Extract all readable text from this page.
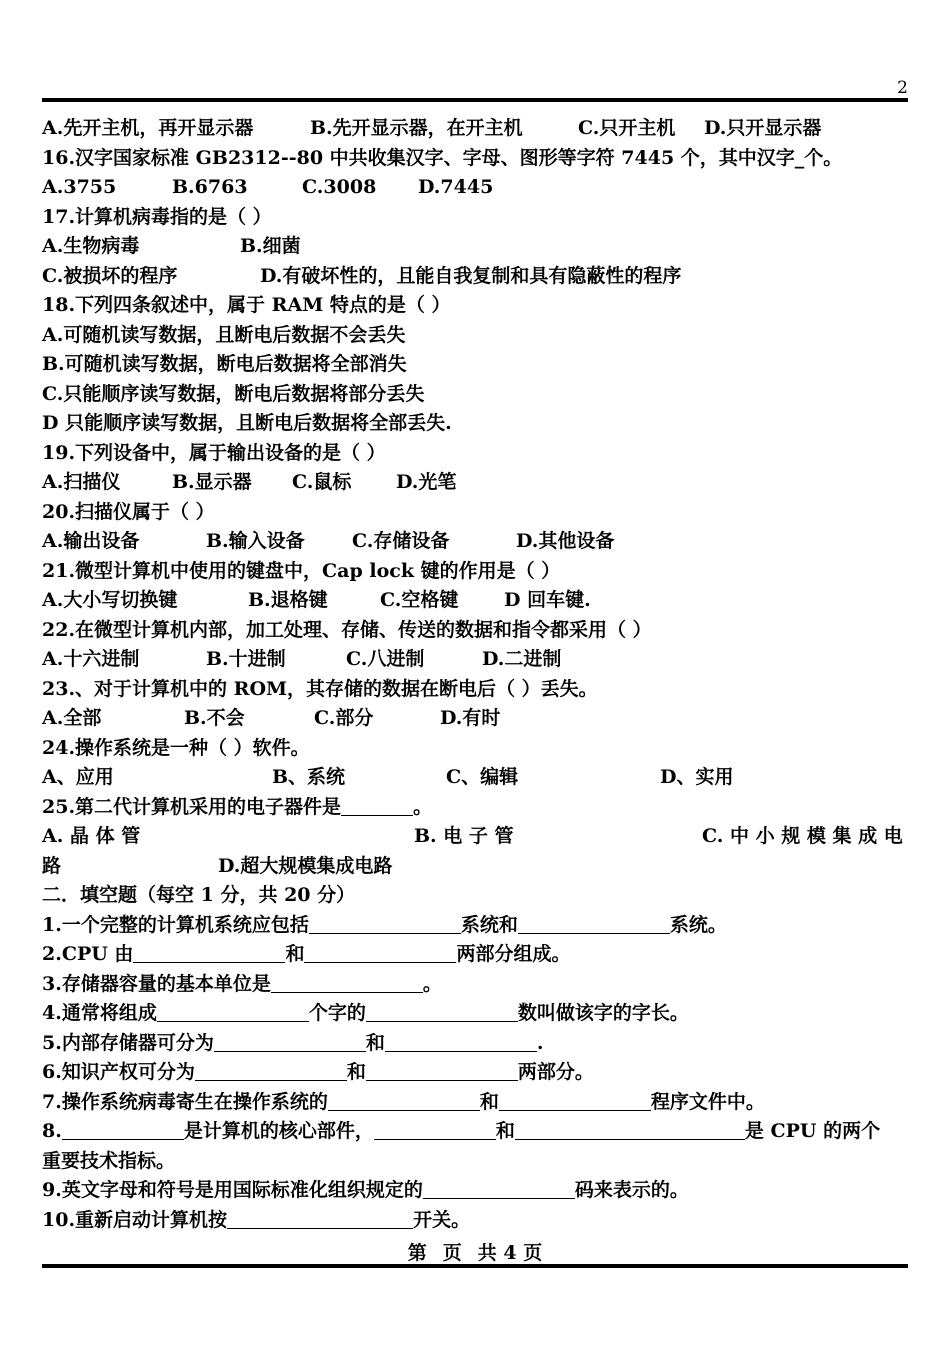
2
A.先开主机，再开显示器	B.先开显示器，在开主机	C.只开主机 D.只开显示器
16.汉字国家标准 GB2312--80 中共收集汉字、字母、图形等字符 7445 个，其中汉字_个。
A.3755	B.6763	C.3008 D.7445
17.计算机病毒指的是（ ）
A.生物病毒	B.细菌
C.被损坏的程序	D.有破坏性的，且能自我复制和具有隐蔽性的程序
18.下列四条叙述中，属于 RAM 特点的是（ ）
A.可随机读写数据，且断电后数据不会丢失
B.可随机读写数据，断电后数据将全部消失
C.只能顺序读写数据，断电后数据将部分丢失
D 只能顺序读写数据，且断电后数据将全部丢失.
19.下列设备中，属于输出设备的是（ ）
A.扫描仪	B.显示器 C.鼠标 D.光笔
20.扫描仪属于（ ）
A.输出设备	B.输入设备 C.存储设备	D.其他设备
21.微型计算机中使用的键盘中，Cap lock 键的作用是（ ）
A.大小写切换键	B.退格键	C.空格键 D 回车键.
22.在微型计算机内部，加工处理、存储、传送的数据和指令都采用（ ）
A.十六进制	B.十进制	C.八进制	D.二进制
23.、对于计算机中的 ROM，其存储的数据在断电后（ ）丢失。
A.全部	B.不会	C.部分	D.有时
24.操作系统是一种（ ）软件。
A、应用	B、系统	C、编辑	D、实用
25.第二代计算机采用的电子器件是	。
A. 晶 体 管	B. 电 子 管	C. 中 小 规 模 集 成 电
路	D.超大规模集成电路
二．填空题（每空 1 分，共 20 分）
1.一个完整的计算机系统应包括	系统和	系统。
2.CPU 由	和	两部分组成。
3.存储器容量的基本单位是	。
4.通常将组成	个字的	数叫做该字的字长。
5.内部存储器可分为	和	.
6.知识产权可分为	和	两部分。
7.操作系统病毒寄生在操作系统的	和	程序文件中。
8.	是计算机的核心部件，	和	是 CPU 的两个
重要技术指标。
9.英文字母和符号是用国际标准化组织规定的	码来表示的。
10.重新启动计算机按	开关。
第 页 共 4 页
